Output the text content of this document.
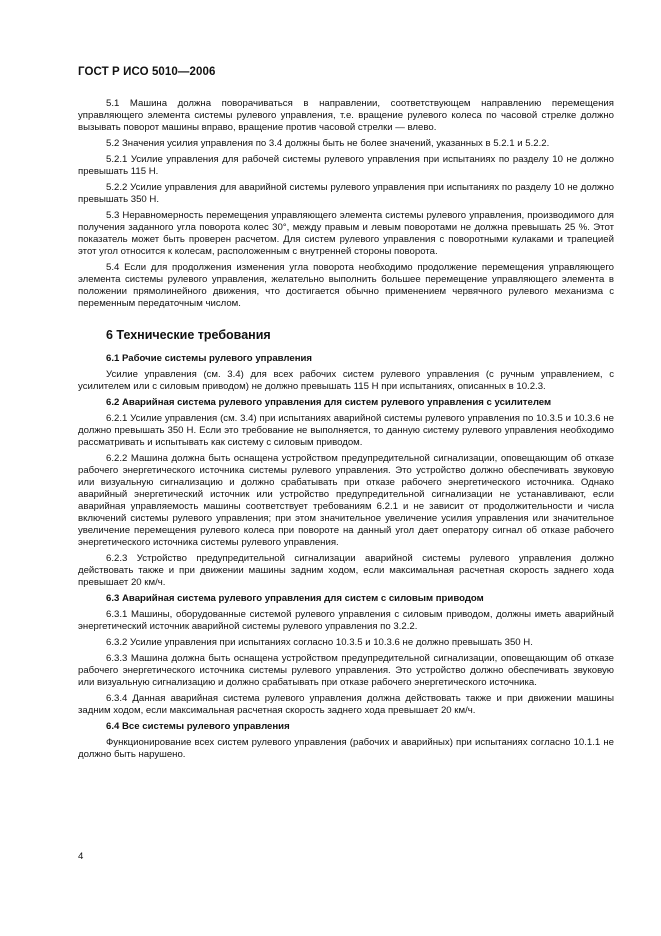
ГОСТ Р ИСО 5010—2006

5.1 Машина должна поворачиваться в направлении, соответствующем направлению перемещения управляющего элемента системы рулевого управления, т.е. вращение рулевого колеса по часовой стрелке должно вызывать поворот машины вправо, вращение против часовой стрелки — влево.

5.2 Значения усилия управления по 3.4 должны быть не более значений, указанных в 5.2.1 и 5.2.2.

5.2.1 Усилие управления для рабочей системы рулевого управления при испытаниях по разделу 10 не должно превышать 115 Н.

5.2.2 Усилие управления для аварийной системы рулевого управления при испытаниях по разделу 10 не должно превышать 350 Н.

5.3 Неравномерность перемещения управляющего элемента системы рулевого управления, производимого для получения заданного угла поворота колес 30°, между правым и левым поворотами не должна превышать 25 %. Этот показатель может быть проверен расчетом. Для систем рулевого управления с поворотными кулаками и трапецией этот угол относится к колесам, расположенным с внутренней стороны поворота.

5.4 Если для продолжения изменения угла поворота необходимо продолжение перемещения управляющего элемента системы рулевого управления, желательно выполнить большее перемещение управляющего элемента в положении прямолинейного движения, что достигается обычно применением червячного рулевого механизма с переменным передаточным числом.

6 Технические требования
6.1 Рабочие системы рулевого управления

Усилие управления (см. 3.4) для всех рабочих систем рулевого управления (с ручным управлением, с усилителем или с силовым приводом) не должно превышать 115 Н при испытаниях, описанных в 10.2.3.

6.2 Аварийная система рулевого управления для систем рулевого управления с усилителем

6.2.1 Усилие управления (см. 3.4) при испытаниях аварийной системы рулевого управления по 10.3.5 и 10.3.6 не должно превышать 350 Н. Если это требование не выполняется, то данную систему рулевого управления необходимо рассматривать и испытывать как систему с силовым приводом.

6.2.2 Машина должна быть оснащена устройством предупредительной сигнализации, оповещающим об отказе рабочего энергетического источника системы рулевого управления. Это устройство должно обеспечивать звуковую или визуальную сигнализацию и должно срабатывать при отказе рабочего энергетического источника. Однако аварийный энергетический источник или устройство предупредительной сигнализации не устанавливают, если аварийная управляемость машины соответствует требованиям 6.2.1 и не зависит от продолжительности и числа включений системы рулевого управления; при этом значительное увеличение усилия управления или значительное увеличение перемещения рулевого колеса при повороте на данный угол дает оператору сигнал об отказе рабочего энергетического источника системы рулевого управления.

6.2.3 Устройство предупредительной сигнализации аварийной системы рулевого управления должно действовать также и при движении машины задним ходом, если максимальная расчетная скорость заднего хода превышает 20 км/ч.

6.3 Аварийная система рулевого управления для систем с силовым приводом

6.3.1 Машины, оборудованные системой рулевого управления с силовым приводом, должны иметь аварийный энергетический источник аварийной системы рулевого управления по 3.2.2.

6.3.2 Усилие управления при испытаниях согласно 10.3.5 и 10.3.6 не должно превышать 350 Н.

6.3.3 Машина должна быть оснащена устройством предупредительной сигнализации, оповещающим об отказе рабочего энергетического источника системы рулевого управления. Это устройство должно обеспечивать звуковую или визуальную сигнализацию и должно срабатывать при отказе рабочего энергетического источника.

6.3.4 Данная аварийная система рулевого управления должна действовать также и при движении машины задним ходом, если максимальная расчетная скорость заднего хода превышает 20 км/ч.

6.4 Все системы рулевого управления

Функционирование всех систем рулевого управления (рабочих и аварийных) при испытаниях согласно 10.1.1 не должно быть нарушено.

4
